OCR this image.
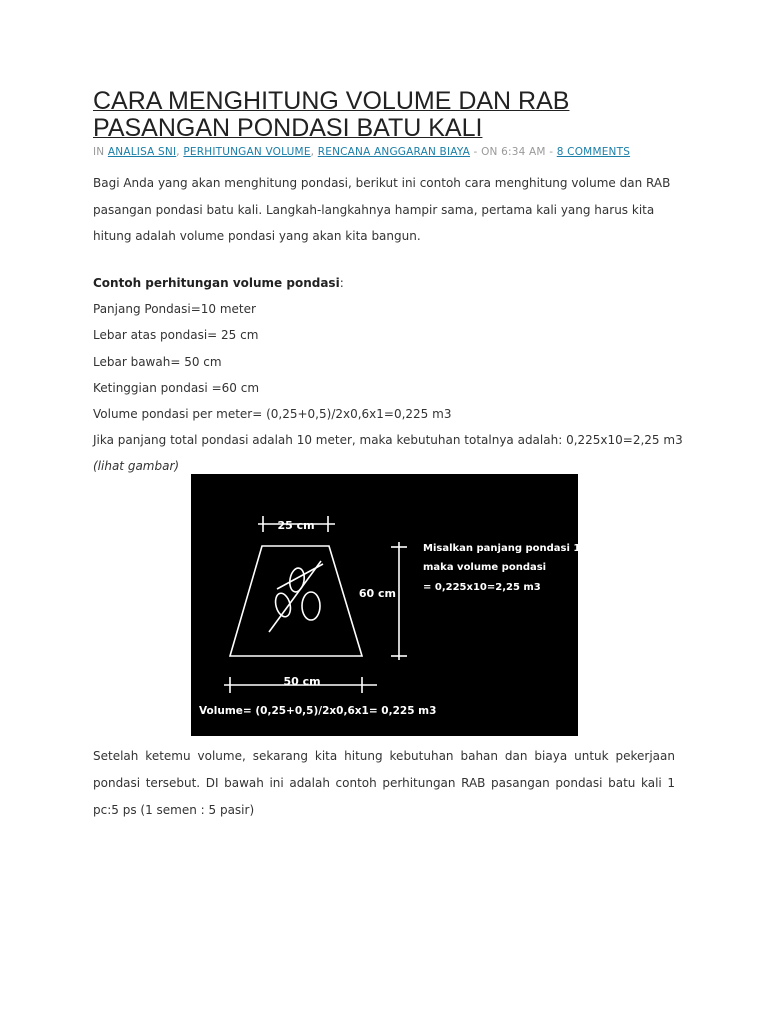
CARA MENGHITUNG VOLUME DAN RAB PASANGAN PONDASI BATU KALI
IN ANALISA SNI, PERHITUNGAN VOLUME, RENCANA ANGGARAN BIAYA - ON 6:34 AM - 8 COMMENTS
Bagi Anda yang akan menghitung pondasi, berikut ini contoh cara menghitung volume dan RAB pasangan pondasi batu kali. Langkah-langkahnya hampir sama, pertama kali yang harus kita hitung adalah volume pondasi yang akan kita bangun.
Contoh perhitungan volume pondasi:
Panjang Pondasi=10 meter
Lebar atas pondasi= 25 cm
Lebar bawah= 50 cm
Ketinggian pondasi =60 cm
Volume pondasi per meter= (0,25+0,5)/2x0,6x1=0,225 m3
Jika panjang total pondasi adalah 10 meter, maka kebutuhan totalnya adalah: 0,225x10=2,25 m3
(lihat gambar)
25 cm
60 cm
50 cm
Misalkan panjang pondasi 10 m,
maka volume pondasi
= 0,225x10=2,25 m3
Volume= (0,25+0,5)/2x0,6x1= 0,225 m3
Setelah ketemu volume, sekarang kita hitung kebutuhan bahan dan biaya untuk pekerjaan pondasi tersebut. DI bawah ini adalah contoh perhitungan RAB pasangan pondasi batu kali 1 pc:5 ps (1 semen : 5 pasir)
